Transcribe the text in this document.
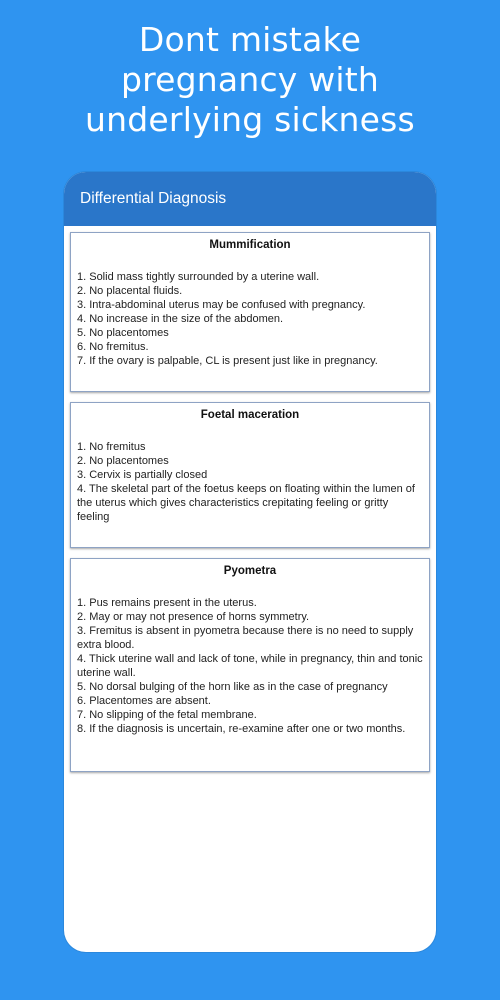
Dont mistake
pregnancy with
underlying sickness
Differential Diagnosis
Mummification
1. Solid mass tightly surrounded by a uterine wall.
2. No placental fluids.
3. Intra-abdominal uterus may be confused with pregnancy.
4. No increase in the size of the abdomen.
5. No placentomes
6. No fremitus.
7. If the ovary is palpable, CL is present just like in pregnancy.
Foetal maceration
1. No fremitus
2. No placentomes
3. Cervix is partially closed
4. The skeletal part of the foetus keeps on floating within the lumen of the uterus which gives characteristics crepitating feeling or gritty feeling
Pyometra
1. Pus remains present in the uterus.
2. May or may not presence of horns symmetry.
3. Fremitus is absent in pyometra because there is no need to supply extra blood.
4. Thick uterine wall and lack of tone, while in pregnancy, thin and tonic uterine wall.
5. No dorsal bulging of the horn like as in the case of pregnancy
6. Placentomes are absent.
7. No slipping of the fetal membrane.
8. If the diagnosis is uncertain, re-examine after one or two months.
